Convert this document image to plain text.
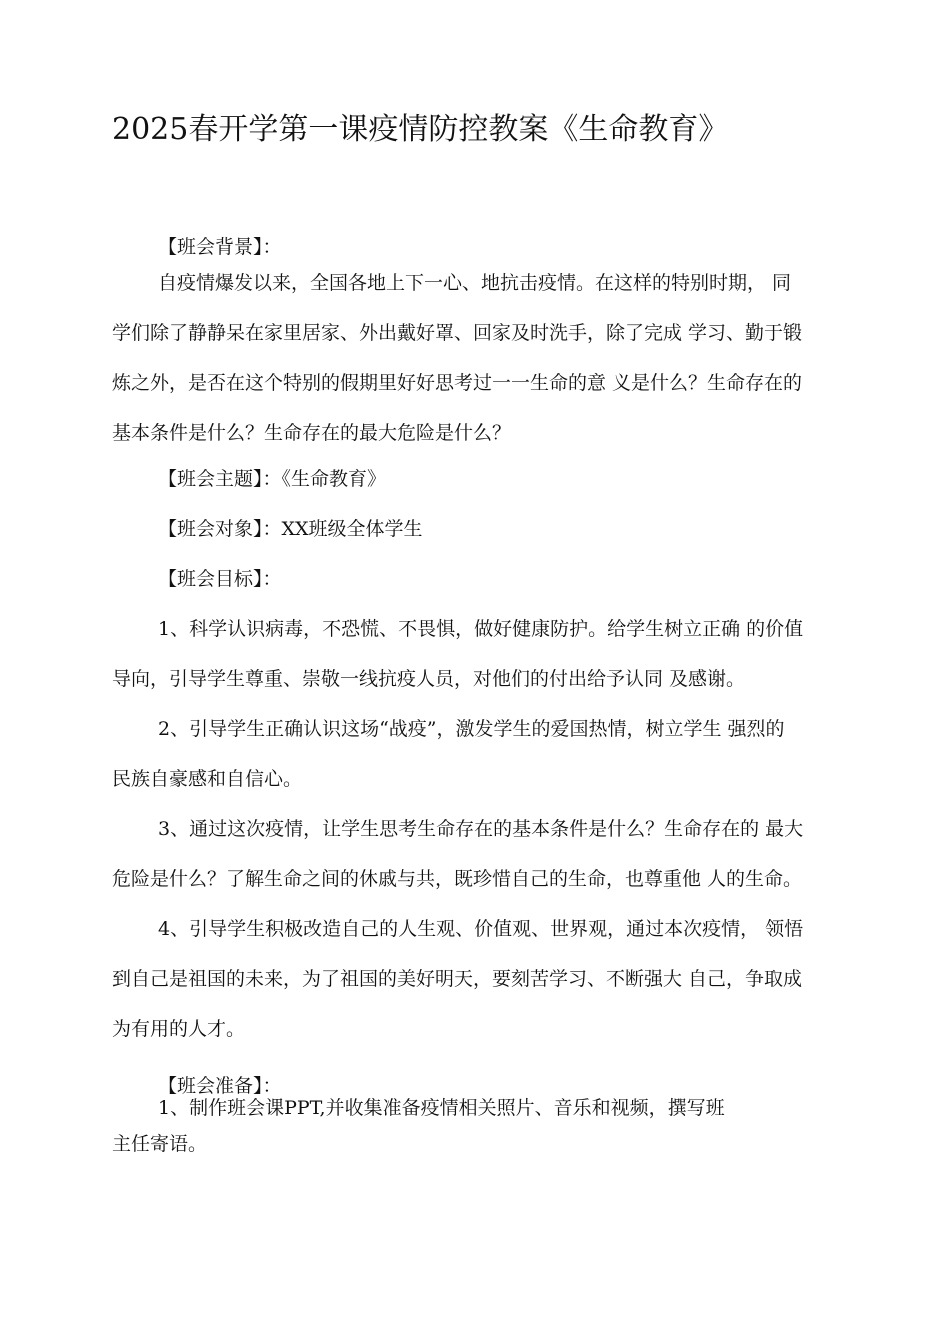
2025春开学第一课疫情防控教案《生命教育》
【班会背景】：
自疫情爆发以来，全国各地上下一心、地抗击疫情。在这样的特别时期， 同
学们除了静静呆在家里居家、外出戴好罩、回家及时洗手，除了完成 学习、勤于锻
炼之外，是否在这个特别的假期里好好思考过一一生命的意 义是什么？生命存在的
基本条件是什么？生命存在的最大危险是什么？
【班会主题】：《生命教育》
【班会对象】：XX班级全体学生
【班会目标】：
1、科学认识病毒，不恐慌、不畏惧，做好健康防护。给学生树立正确 的价值
导向，引导学生尊重、崇敬一线抗疫人员，对他们的付出给予认同 及感谢。
2、引导学生正确认识这场“战疫”，激发学生的爱国热情，树立学生 强烈的
民族自豪感和自信心。
3、通过这次疫情，让学生思考生命存在的基本条件是什么？生命存在的 最大
危险是什么？了解生命之间的休戚与共，既珍惜自己的生命，也尊重他 人的生命。
4、引导学生积极改造自己的人生观、价值观、世界观，通过本次疫情， 领悟
到自己是祖国的未来，为了祖国的美好明天，要刻苦学习、不断强大 自己，争取成
为有用的人才。
【班会准备】：
1、制作班会课PPT,并收集准备疫情相关照片、音乐和视频，撰写班
主任寄语。
